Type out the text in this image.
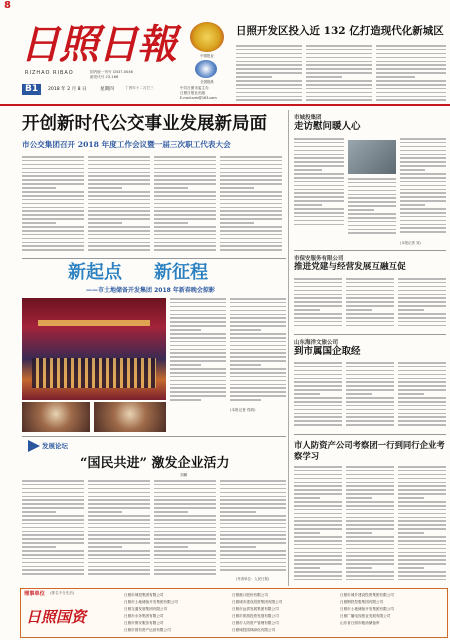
8
日照日報
RIZHAO RIBAO	国内统一刊号 CN37-0046
邮发代号 23-166
B1	2018 年 2 月 8 日	星期四	丁酉年十二月廿三
中国报业
全国报纸
中共日照市委主办
日照日报社出版
E-mail:rzrb@163.com
日照开发区投入近 132 亿打造现代化新城区
开创新时代公交事业发展新局面
市公交集团召开 2018 年度工作会议暨一届三次职工代表大会
新起点 新征程
——市土地储备开发集团 2018 年新春晚会掠影
(本报记者 郑鸿)
发展论坛
“国民共进” 激发企业活力
刘鹏
(作者单位：人民日报)
市城投集团
走访慰问暖人心
(本报记者 刘)
市保安服务有限公司
推进党建与经营发展互融互促
山东海洋文旅公司
到市属国企取经
市人防资产公司考察团一行到同行企业考察学习
理事单位 (排名不分先后)
日照国资
日照市城投集团有限公司	日照港口股份有限公司	日照市城乡建设投资集团有限公司
日照市土地储备开发集团有限公司	日照城市建设投资集团有限公司	日照钢铁控股集团有限公司
日照交通发展集团有限公司	日照市远供发展集团有限公司	日照市土地储备开发集团有限公司
日照市水务集团有限公司	日照市旅游投资发展有限公司	日照广播电视报业发展有限公司
日照市保安服务有限公司	日照市人防资产管理有限公司	山东省日照市粮油储备库
日照市国有资产运营有限公司	日照城投园林绿化有限公司
